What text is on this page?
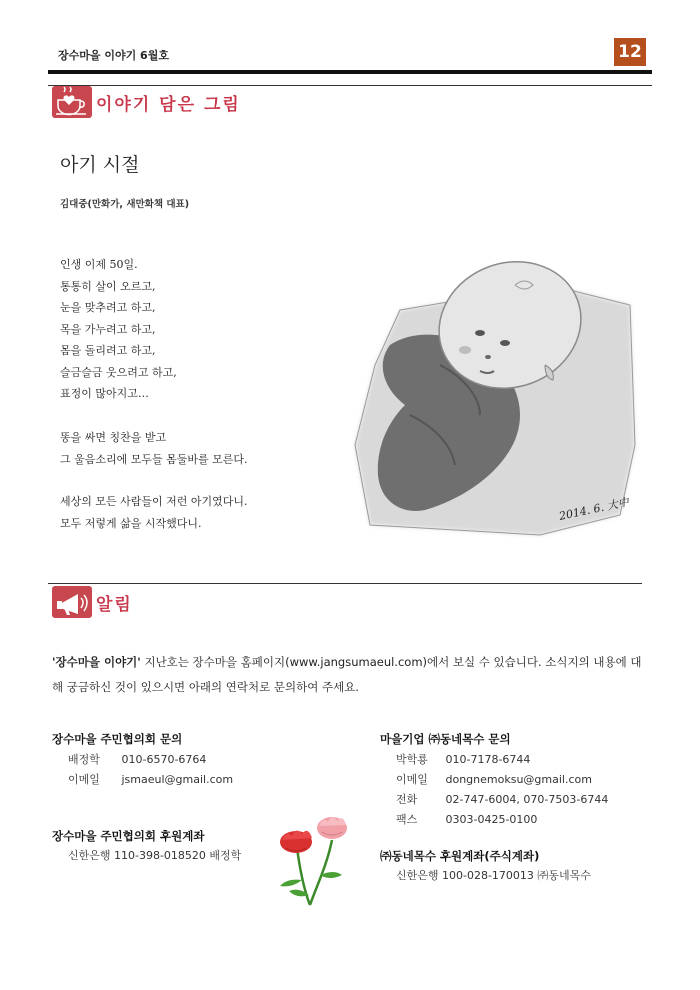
장수마을 이야기 6월호	12
이야기 담은 그림
아기 시절
김대중(만화가, 새만화책 대표)
인생 이제 50일.
통통히 살이 오르고,
눈을 맞추려고 하고,
목을 가누려고 하고,
몸을 돌리려고 하고,
슬금슬금 웃으려고 하고,
표정이 많아지고…
똥을 싸면 칭찬을 받고
그 울음소리에 모두들 몸둘바를 모른다.
세상의 모든 사람들이 저런 아기였다니.
모두 저렇게 삶을 시작했다니.
2014. 6. 大中
알림
'장수마을 이야기' 지난호는 장수마을 홈페이지(www.jangsumaeul.com)에서 보실 수 있습니다. 소식지의 내용에 대해 궁금하신 것이 있으시면 아래의 연락처로 문의하여 주세요.
장수마을 주민협의회 문의
배정학 010-6570-6764
이메일 jsmaeul@gmail.com
장수마을 주민협의회 후원계좌
신한은행 110-398-018520 배정학
마을기업 ㈜동네목수 문의
박학룡 010-7178-6744
이메일 dongnemoksu@gmail.com
전화	02-747-6004, 070-7503-6744
팩스	0303-0425-0100
㈜동네목수 후원계좌(주식계좌)
신한은행 100-028-170013 ㈜동네목수
